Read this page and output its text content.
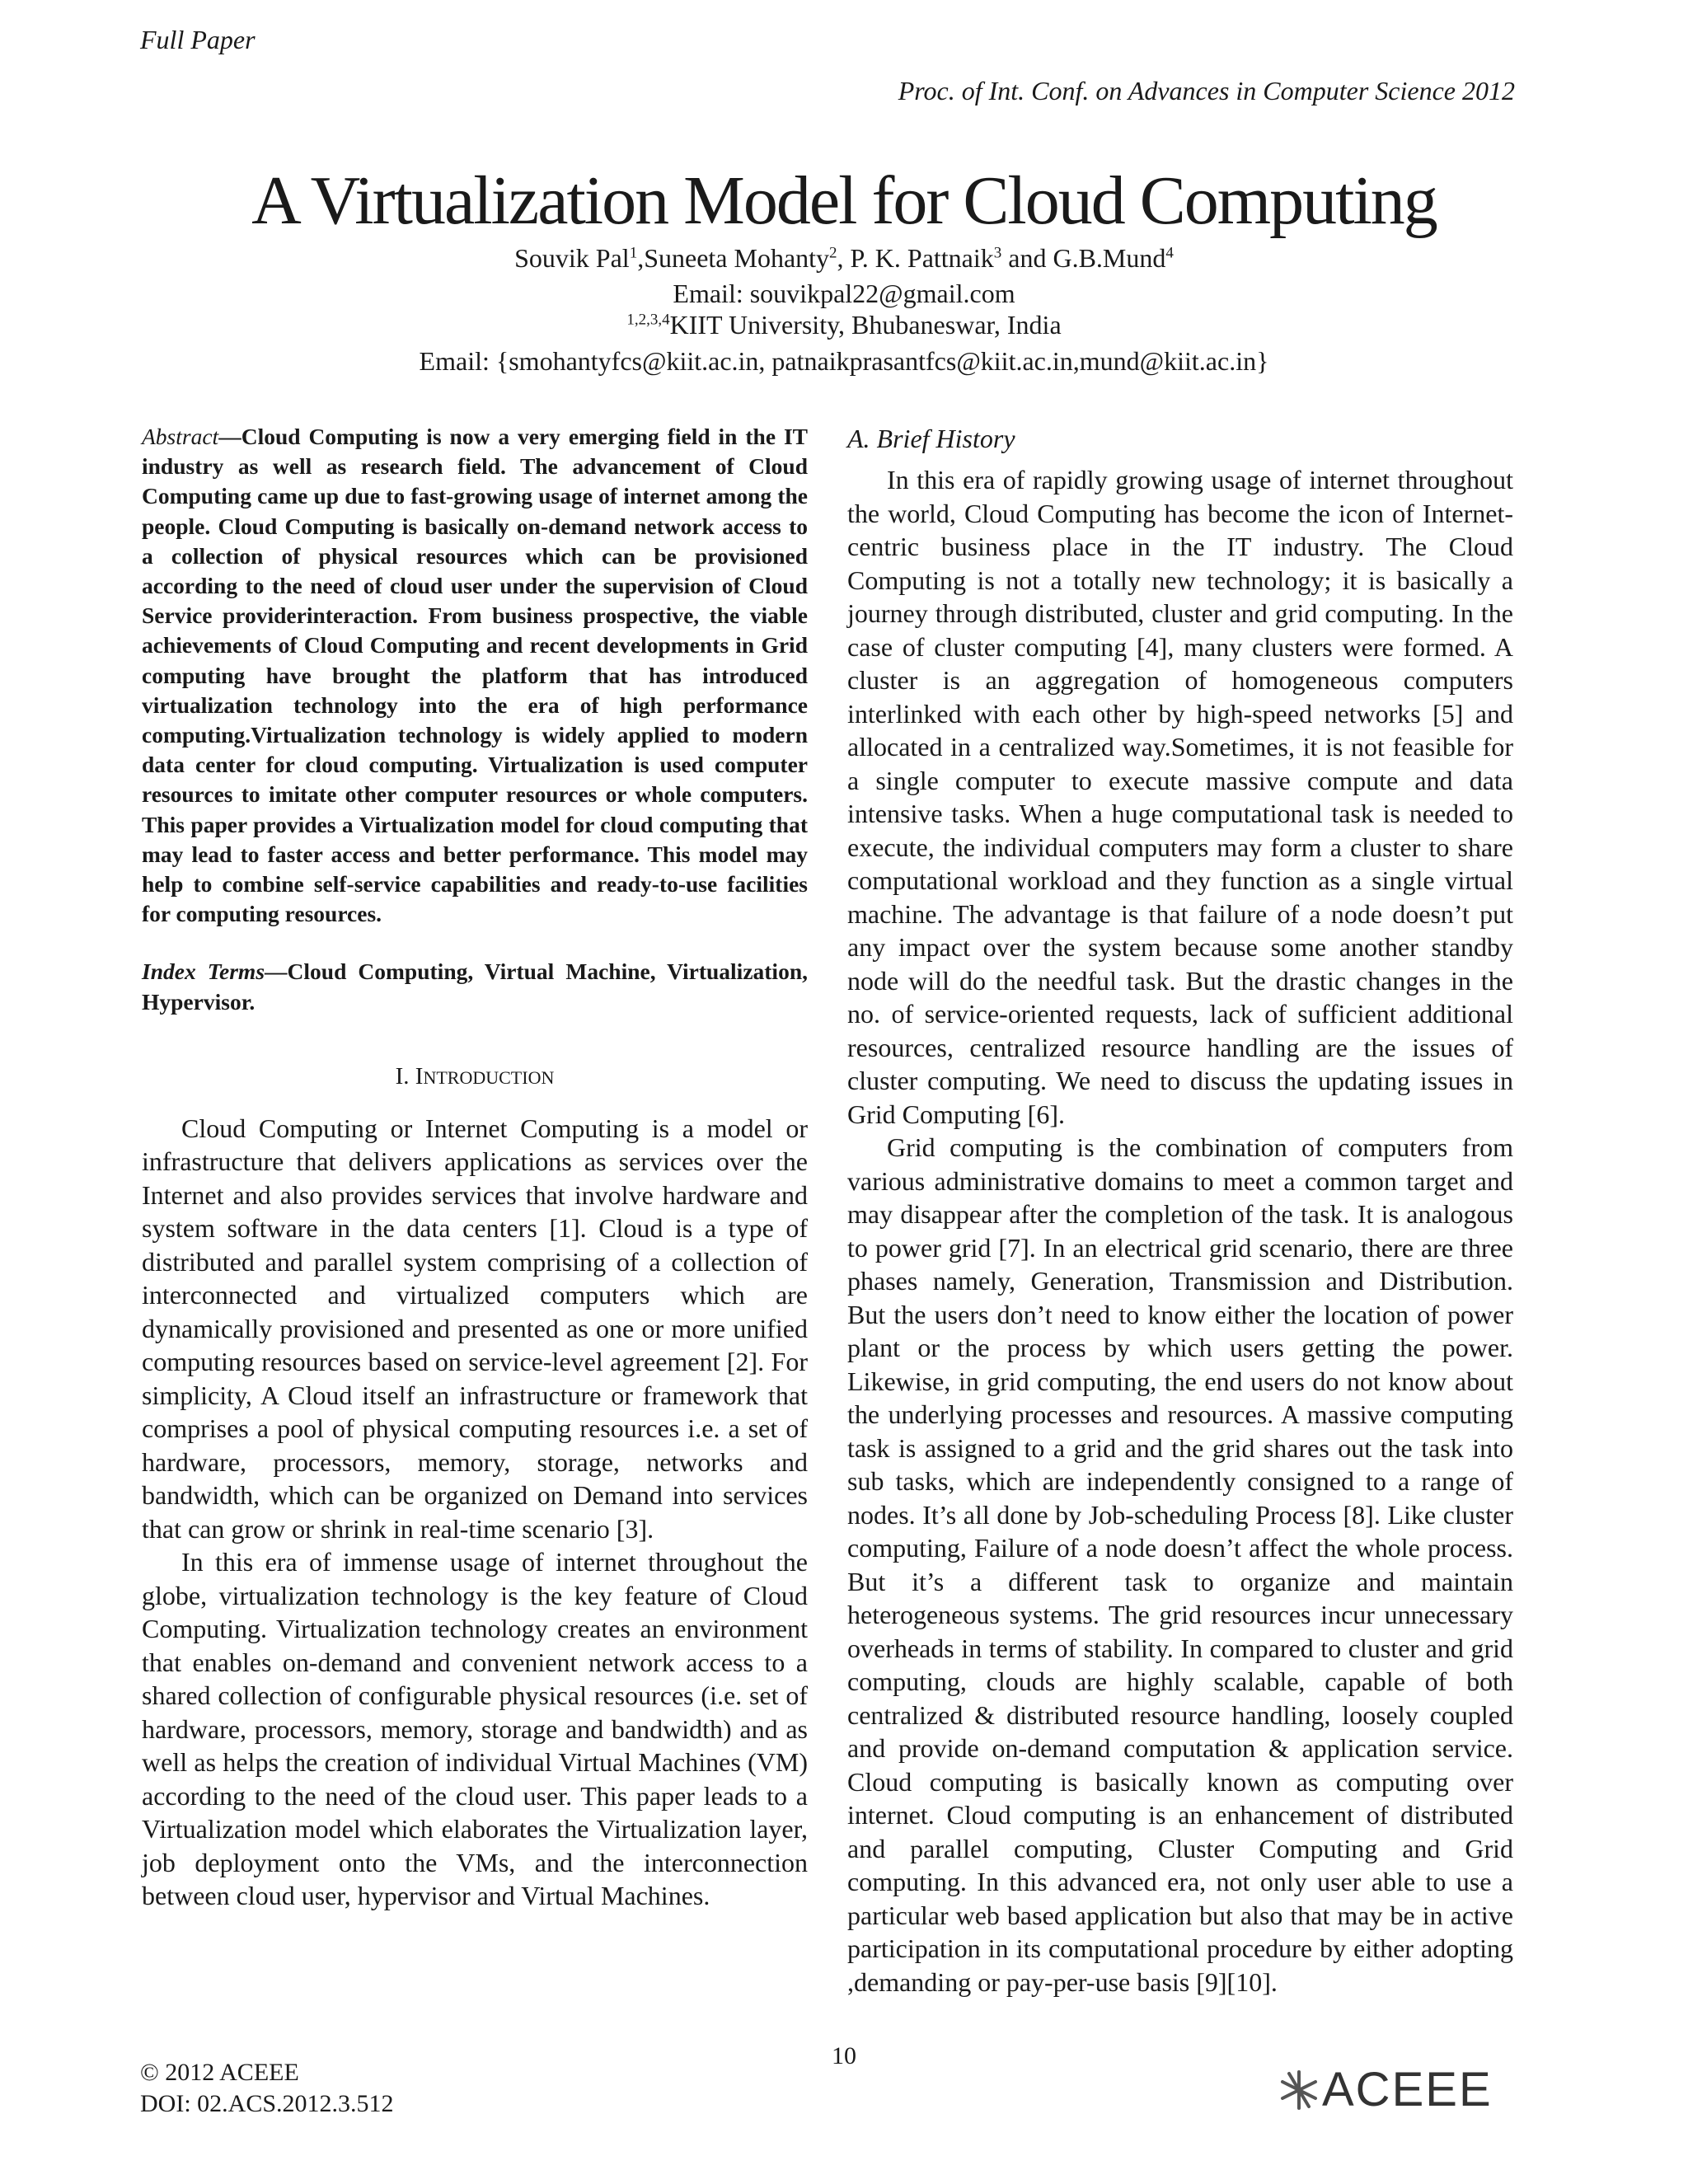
Full Paper
Proc. of Int. Conf. on Advances in Computer Science 2012
A Virtualization Model for Cloud Computing
Souvik Pal$^1$,Suneeta Mohanty$^2$, P. K. Pattnaik$^3$ and G.B.Mund$^4$
Email: souvikpal22@gmail.com
$^{1,2,3,4}$KIIT University, Bhubaneswar, India
Email: {smohantyfcs@kiit.ac.in, patnaikprasantfcs@kiit.ac.in,mund@kiit.ac.in}

Abstract—Cloud Computing is now a very emerging field in the IT industry as well as research field. The advancement of Cloud Computing came up due to fast-growing usage of internet among the people. Cloud Computing is basically on-demand network access to a collection of physical resources which can be provisioned according to the need of cloud user under the supervision of Cloud Service providerinteraction. From business prospective, the viable achievements of Cloud Computing and recent developments in Grid computing have brought the platform that has introduced virtualization technology into the era of high performance computing.Virtualization technology is widely applied to modern data center for cloud computing. Virtualization is used computer resources to imitate other computer resources or whole computers. This paper provides a Virtualization model for cloud computing that may lead to faster access and better performance. This model may help to combine self-service capabilities and ready-to-use facilities for computing resources.

Index Terms—Cloud Computing, Virtual Machine, Virtualization, Hypervisor.

I. INTRODUCTION

Cloud Computing or Internet Computing is a model or infrastructure that delivers applications as services over the Internet and also provides services that involve hardware and system software in the data centers [1]. Cloud is a type of distributed and parallel system comprising of a collection of interconnected and virtualized computers which are dynamically provisioned and presented as one or more unified computing resources based on service-level agreement [2]. For simplicity, A Cloud itself an infrastructure or framework that comprises a pool of physical computing resources i.e. a set of hardware, processors, memory, storage, networks and bandwidth, which can be organized on Demand into services that can grow or shrink in real-time scenario [3].

In this era of immense usage of internet throughout the globe, virtualization technology is the key feature of Cloud Computing. Virtualization technology creates an environment that enables on-demand and convenient network access to a shared collection of configurable physical resources (i.e. set of hardware, processors, memory, storage and bandwidth) and as well as helps the creation of individual Virtual Machines (VM) according to the need of the cloud user. This paper leads to a Virtualization model which elaborates the Virtualization layer, job deployment onto the VMs, and the interconnection between cloud user, hypervisor and Virtual Machines.

A. Brief History

In this era of rapidly growing usage of internet throughout the world, Cloud Computing has become the icon of Internet-centric business place in the IT industry. The Cloud Computing is not a totally new technology; it is basically a journey through distributed, cluster and grid computing. In the case of cluster computing [4], many clusters were formed. A cluster is an aggregation of homogeneous computers interlinked with each other by high-speed networks [5] and allocated in a centralized way.Sometimes, it is not feasible for a single computer to execute massive compute and data intensive tasks. When a huge computational task is needed to execute, the individual computers may form a cluster to share computational workload and they function as a single virtual machine. The advantage is that failure of a node doesn’t put any impact over the system because some another standby node will do the needful task. But the drastic changes in the no. of service-oriented requests, lack of sufficient additional resources, centralized resource handling are the issues of cluster computing. We need to discuss the updating issues in Grid Computing [6].

Grid computing is the combination of computers from various administrative domains to meet a common target and may disappear after the completion of the task. It is analogous to power grid [7]. In an electrical grid scenario, there are three phases namely, Generation, Transmission and Distribution. But the users don’t need to know either the location of power plant or the process by which users getting the power. Likewise, in grid computing, the end users do not know about the underlying processes and resources. A massive computing task is assigned to a grid and the grid shares out the task into sub tasks, which are independently consigned to a range of nodes. It’s all done by Job-scheduling Process [8]. Like cluster computing, Failure of a node doesn’t affect the whole process. But it’s a different task to organize and maintain heterogeneous systems. The grid resources incur unnecessary overheads in terms of stability. In compared to cluster and grid computing, clouds are highly scalable, capable of both centralized & distributed resource handling, loosely coupled and provide on-demand computation & application service. Cloud computing is basically known as computing over internet. Cloud computing is an enhancement of distributed and parallel computing, Cluster Computing and Grid computing. In this advanced era, not only user able to use a particular web based application but also that may be in active participation in its computational procedure by either adopting ,demanding or pay-per-use basis [9][10].

© 2012 ACEEE
DOI: 02.ACS.2012.3.512
10
ACEEE
